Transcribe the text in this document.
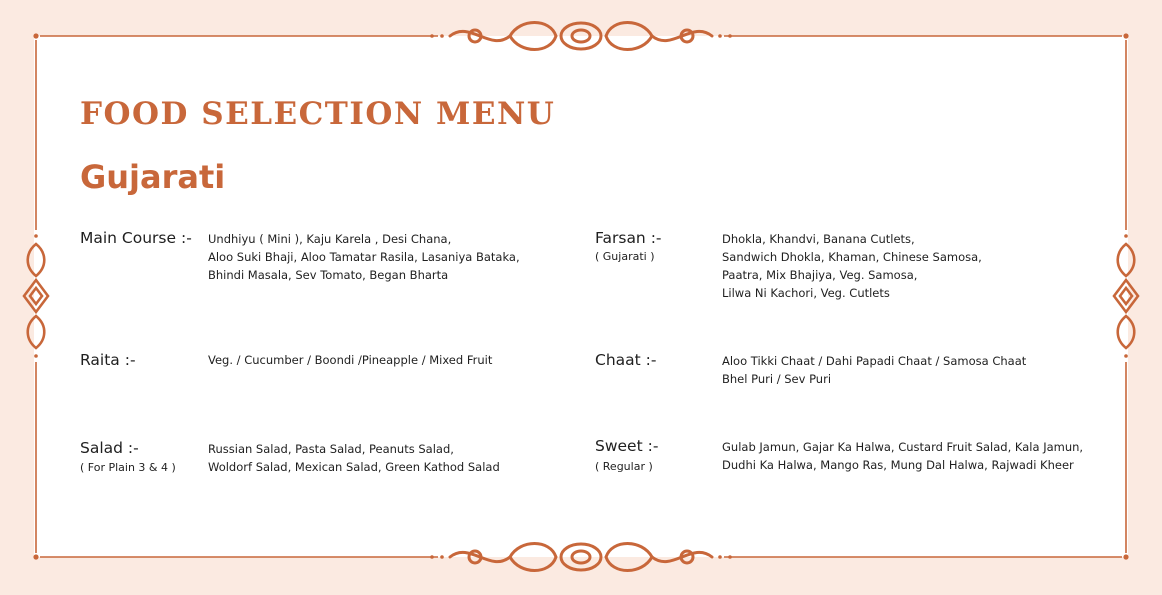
FOOD SELECTION MENU
Gujarati
Main Course :- Undhiyu ( Mini ), Kaju Karela , Desi Chana,
Aloo Suki Bhaji, Aloo Tamatar Rasila, Lasaniya Bataka,
Bhindi Masala, Sev Tomato, Began Bharta
Farsan :-
( Gujarati )
Dhokla, Khandvi, Banana Cutlets,
Sandwich Dhokla, Khaman, Chinese Samosa,
Paatra, Mix Bhajiya, Veg. Samosa,
Lilwa Ni Kachori, Veg. Cutlets
Raita :-	Veg. / Cucumber / Boondi /Pineapple / Mixed Fruit	Chaat :-	Aloo Tikki Chaat / Dahi Papadi Chaat / Samosa Chaat
Bhel Puri / Sev Puri
Salad :-
( For Plain 3 & 4 )
Russian Salad, Pasta Salad, Peanuts Salad,
Woldorf Salad, Mexican Salad, Green Kathod Salad
Sweet :-
( Regular )
Gulab Jamun, Gajar Ka Halwa, Custard Fruit Salad, Kala Jamun,
Dudhi Ka Halwa, Mango Ras, Mung Dal Halwa, Rajwadi Kheer
